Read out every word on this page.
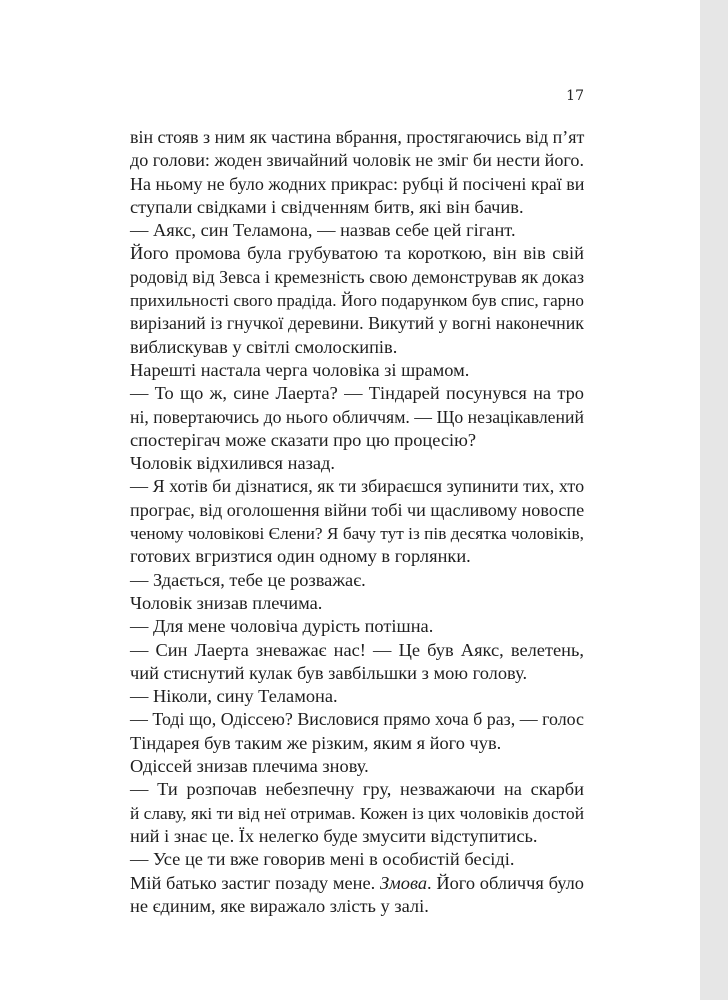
17
він стояв з ним як частина вбрання, простягаючись від п’ят
до голови: жоден звичайний чоловік не зміг би нести його.
На ньому не було жодних прикрас: рубці й посічені краї ви
ступали свідками і свідченням битв, які він бачив.
— Аякс, син Теламона, — назвав себе цей гігант.
Його промова була грубуватою та короткою, він вів свій
родовід від Зевса і кремезність свою демонстрував як доказ
прихильності свого прадіда. Його подарунком був спис, гарно
вирізаний із гнучкої деревини. Викутий у вогні наконечник
виблискував у світлі смолоскипів.
Нарешті настала черга чоловіка зі шрамом.
— То що ж, сине Лаерта? — Тіндарей посунувся на тро
ні, повертаючись до нього обличчям. — Що незацікавлений
спостерігач може сказати про цю процесію?
Чоловік відхилився назад.
— Я хотів би дізнатися, як ти збираєшся зупинити тих, хто
програє, від оголошення війни тобі чи щасливому новоспе
ченому чоловікові Єлени? Я бачу тут із пів десятка чоловіків,
готових вгризтися один одному в горлянки.
— Здається, тебе це розважає.
Чоловік знизав плечима.
— Для мене чоловіча дурість потішна.
— Син Лаерта зневажає нас! — Це був Аякс, велетень,
чий стиснутий кулак був завбільшки з мою голову.
— Ніколи, сину Теламона.
— Тоді що, Одіссею? Висловися прямо хоча б раз, — голос
Тіндарея був таким же різким, яким я його чув.
Одіссей знизав плечима знову.
— Ти розпочав небезпечну гру, незважаючи на скарби
й славу, які ти від неї отримав. Кожен із цих чоловіків достой
ний і знає це. Їх нелегко буде змусити відступитись.
— Усе це ти вже говорив мені в особистій бесіді.
Мій батько застиг позаду мене. Змова. Його обличчя було
не єдиним, яке виражало злість у залі.
